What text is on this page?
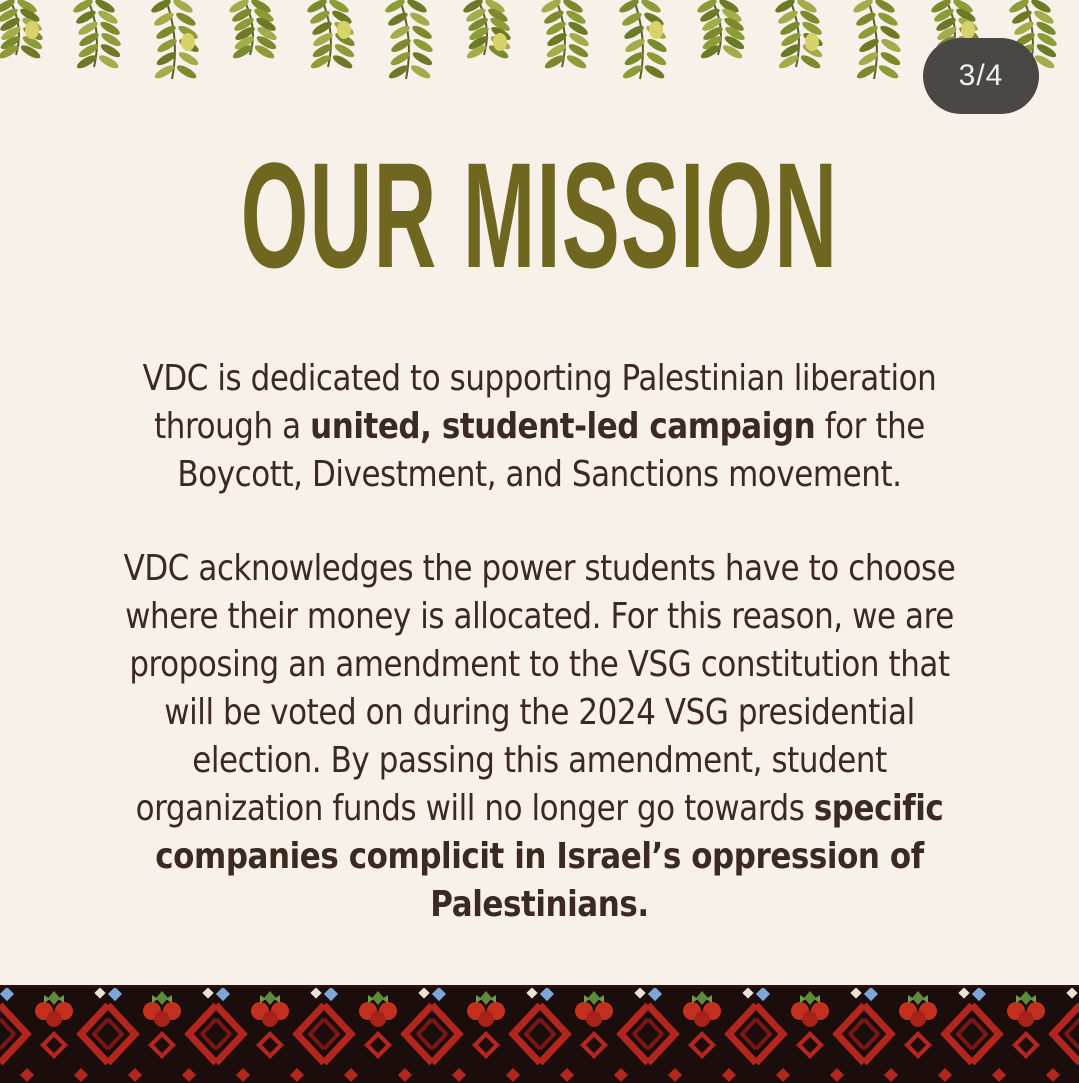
3/4
OUR MISSION
VDC is dedicated to supporting Palestinian liberation
through a united, student-led campaign for the
Boycott, Divestment, and Sanctions movement.
VDC acknowledges the power students have to choose
where their money is allocated. For this reason, we are
proposing an amendment to the VSG constitution that
will be voted on during the 2024 VSG presidential
election. By passing this amendment, student
organization funds will no longer go towards specific
companies complicit in Israel’s oppression of
Palestinians.
